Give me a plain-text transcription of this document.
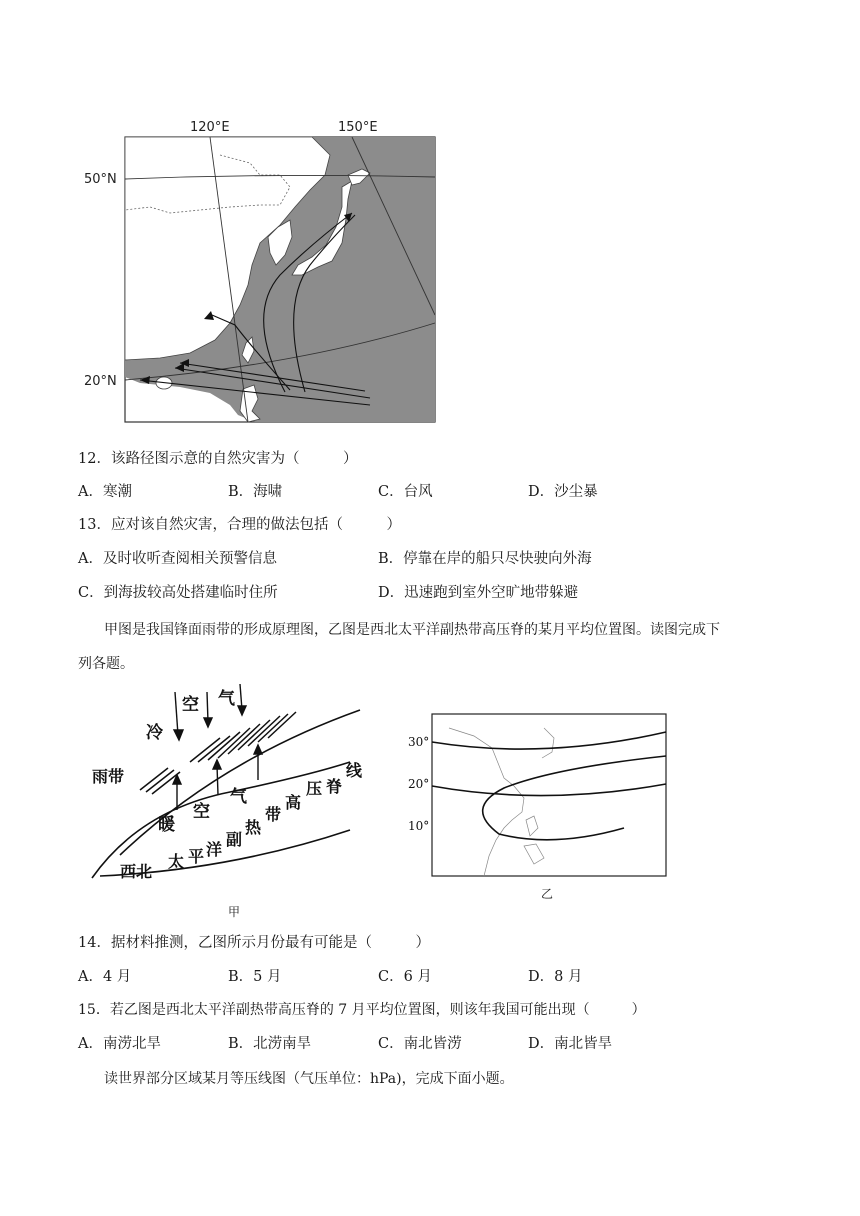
120°E	150°E
50°N
20°N
12．该路径图示意的自然灾害为（　　　）
A．寒潮	B．海啸	C．台风	D．沙尘暴
13．应对该自然灾害，合理的做法包括（　　　）
A．及时收听查阅相关预警信息	B．停靠在岸的船只尽快驶向外海
C．到海拔较高处搭建临时住所	D．迅速跑到室外空旷地带躲避
甲图是我国锋面雨带的形成原理图，乙图是西北太平洋副热带高压脊的某月平均位置图。读图完成下
列各题。
冷
空 气
雨带
暖
空
气
西北
太 平 洋
副
热
带
高
压 脊
线
甲
30°
20°
10°
乙
14．据材料推测，乙图所示月份最有可能是（　　　）
A．4 月	B．5 月	C．6 月	D．8 月
15．若乙图是西北太平洋副热带高压脊的 7 月平均位置图，则该年我国可能出现（　　　）
A．南涝北旱	B．北涝南旱	C．南北皆涝	D．南北皆旱
读世界部分区域某月等压线图（气压单位：hPa)，完成下面小题。
